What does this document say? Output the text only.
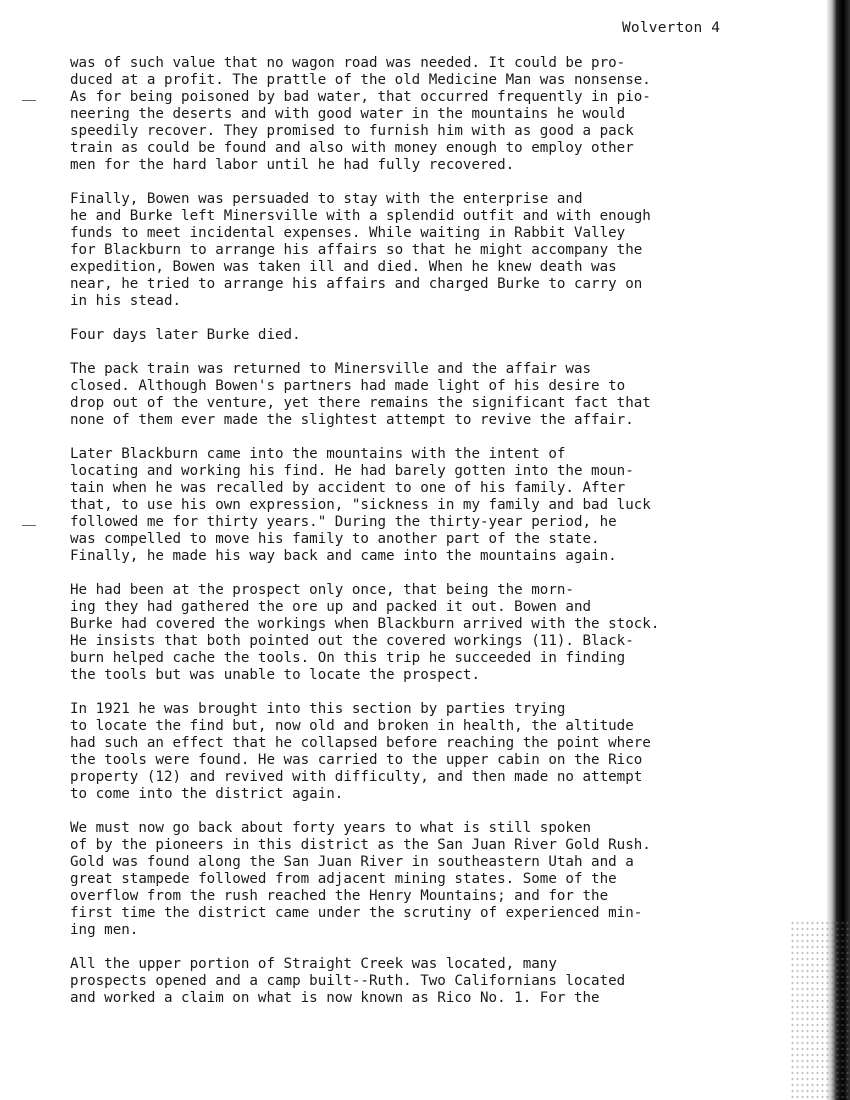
Wolverton 4

was of such value that no wagon road was needed. It could be pro-
duced at a profit. The prattle of the old Medicine Man was nonsense.
As for being poisoned by bad water, that occurred frequently in pio-
neering the deserts and with good water in the mountains he would
speedily recover. They promised to furnish him with as good a pack
train as could be found and also with money enough to employ other
men for the hard labor until he had fully recovered.

Finally, Bowen was persuaded to stay with the enterprise and
he and Burke left Minersville with a splendid outfit and with enough
funds to meet incidental expenses. While waiting in Rabbit Valley
for Blackburn to arrange his affairs so that he might accompany the
expedition, Bowen was taken ill and died. When he knew death was
near, he tried to arrange his affairs and charged Burke to carry on
in his stead.

Four days later Burke died.

The pack train was returned to Minersville and the affair was
closed. Although Bowen's partners had made light of his desire to
drop out of the venture, yet there remains the significant fact that
none of them ever made the slightest attempt to revive the affair.

Later Blackburn came into the mountains with the intent of
locating and working his find. He had barely gotten into the moun-
tain when he was recalled by accident to one of his family. After
that, to use his own expression, "sickness in my family and bad luck
followed me for thirty years." During the thirty-year period, he
was compelled to move his family to another part of the state.
Finally, he made his way back and came into the mountains again.

He had been at the prospect only once, that being the morn-
ing they had gathered the ore up and packed it out. Bowen and
Burke had covered the workings when Blackburn arrived with the stock.
He insists that both pointed out the covered workings (11). Black-
burn helped cache the tools. On this trip he succeeded in finding
the tools but was unable to locate the prospect.

In 1921 he was brought into this section by parties trying
to locate the find but, now old and broken in health, the altitude
had such an effect that he collapsed before reaching the point where
the tools were found. He was carried to the upper cabin on the Rico
property (12) and revived with difficulty, and then made no attempt
to come into the district again.

We must now go back about forty years to what is still spoken
of by the pioneers in this district as the San Juan River Gold Rush.
Gold was found along the San Juan River in southeastern Utah and a
great stampede followed from adjacent mining states. Some of the
overflow from the rush reached the Henry Mountains; and for the
first time the district came under the scrutiny of experienced min-
ing men.

All the upper portion of Straight Creek was located, many
prospects opened and a camp built--Ruth. Two Californians located
and worked a claim on what is now known as Rico No. 1. For the
